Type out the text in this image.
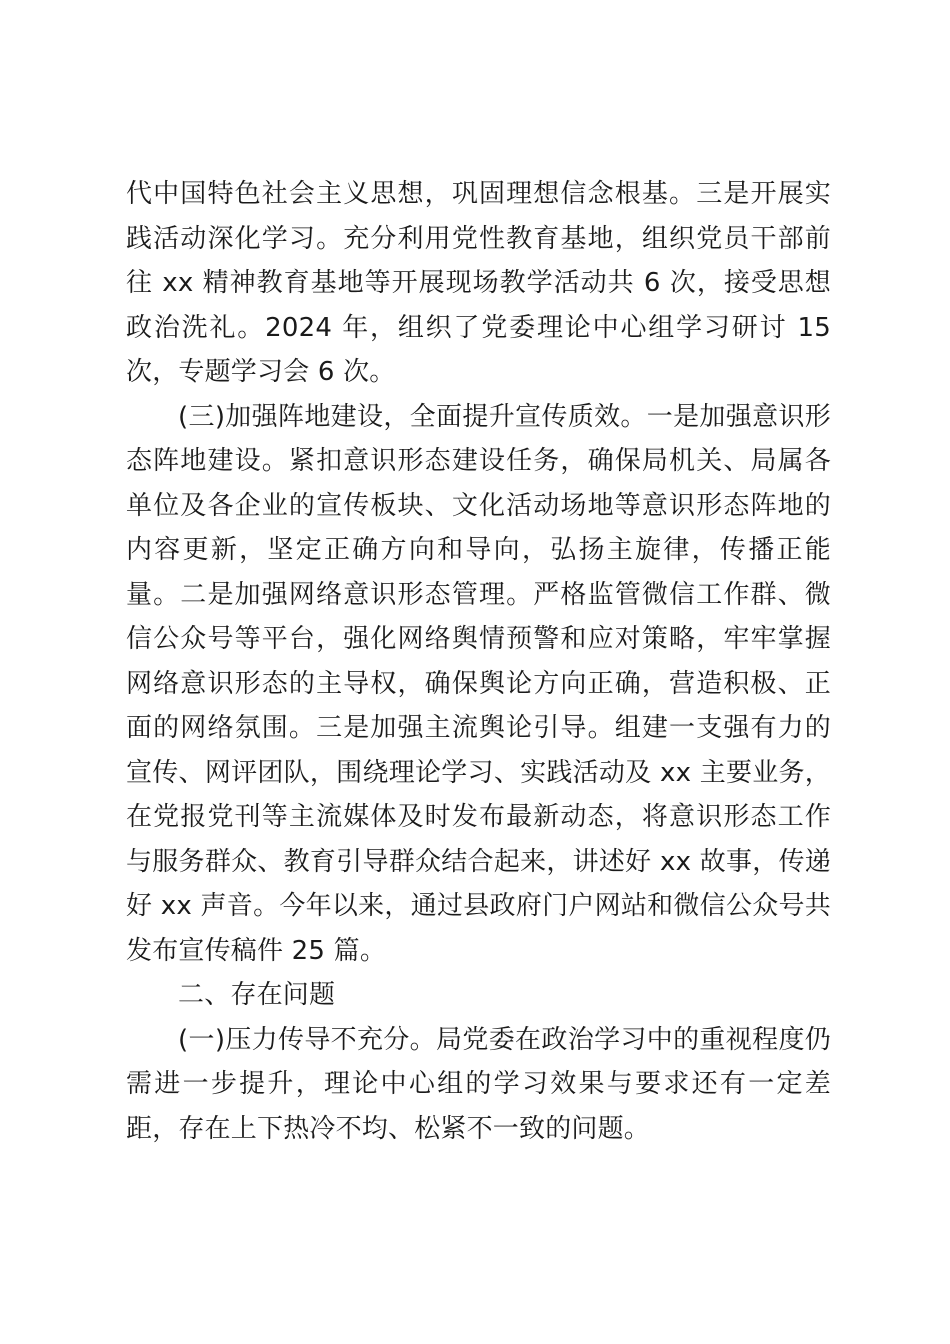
代中国特色社会主义思想，巩固理想信念根基。三是开展实践活动深化学习。充分利用党性教育基地，组织党员干部前往 xx 精神教育基地等开展现场教学活动共 6 次，接受思想政治洗礼。2024 年，组织了党委理论中心组学习研讨 15 次，专题学习会 6 次。

(三)加强阵地建设，全面提升宣传质效。一是加强意识形态阵地建设。紧扣意识形态建设任务，确保局机关、局属各单位及各企业的宣传板块、文化活动场地等意识形态阵地的内容更新，坚定正确方向和导向，弘扬主旋律，传播正能量。二是加强网络意识形态管理。严格监管微信工作群、微信公众号等平台，强化网络舆情预警和应对策略，牢牢掌握网络意识形态的主导权，确保舆论方向正确，营造积极、正面的网络氛围。三是加强主流舆论引导。组建一支强有力的宣传、网评团队，围绕理论学习、实践活动及 xx 主要业务，在党报党刊等主流媒体及时发布最新动态，将意识形态工作与服务群众、教育引导群众结合起来，讲述好 xx 故事，传递好 xx 声音。今年以来，通过县政府门户网站和微信公众号共发布宣传稿件 25 篇。

二、存在问题

(一)压力传导不充分。局党委在政治学习中的重视程度仍需进一步提升，理论中心组的学习效果与要求还有一定差距，存在上下热冷不均、松紧不一致的问题。
